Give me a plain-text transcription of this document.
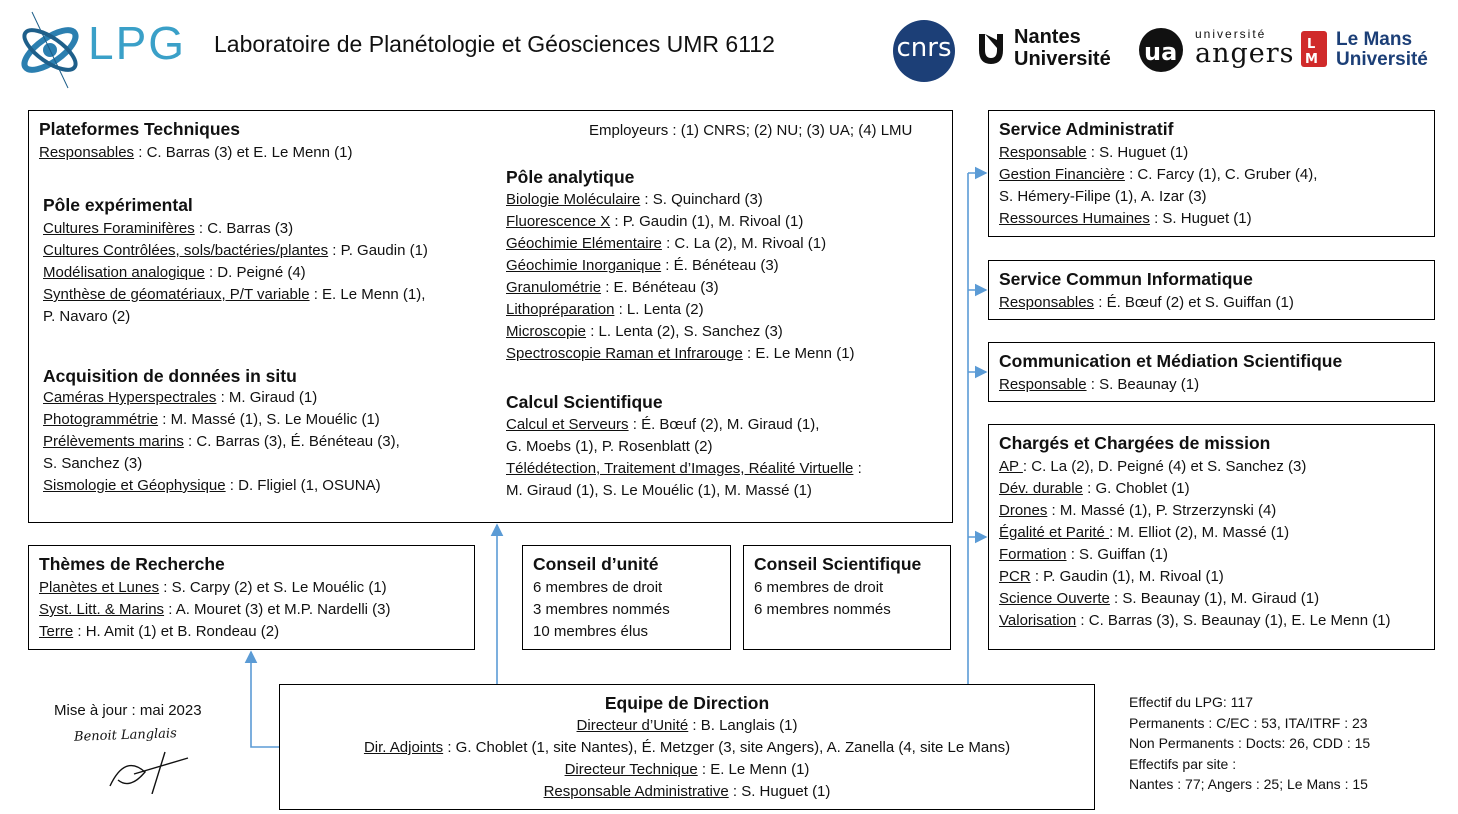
LPG Laboratoire de Planétologie et Géosciences UMR 6112	cnrs	Nantes
Université ua
université
angers L
M
Le Mans
Université
Plateformes Techniques	Employeurs : (1) CNRS; (2) NU; (3) UA; (4) LMU
Responsables : C. Barras (3) et E. Le Menn (1)
Pôle expérimental
Cultures Foraminifères : C. Barras (3)
Cultures Contrôlées, sols/bactéries/plantes : P. Gaudin (1)
Modélisation analogique : D. Peigné (4)
Synthèse de géomatériaux, P/T variable : E. Le Menn (1),
P. Navaro (2)
Acquisition de données in situ
Caméras Hyperspectrales : M. Giraud (1)
Photogrammétrie : M. Massé (1), S. Le Mouélic (1)
Prélèvements marins : C. Barras (3), É. Bénéteau (3),
S. Sanchez (3)
Sismologie et Géophysique : D. Fligiel (1, OSUNA)
Pôle analytique
Biologie Moléculaire : S. Quinchard (3)
Fluorescence X : P. Gaudin (1), M. Rivoal (1)
Géochimie Elémentaire : C. La (2), M. Rivoal (1)
Géochimie Inorganique : É. Bénéteau (3)
Granulométrie : E. Bénéteau (3)
Lithopréparation : L. Lenta (2)
Microscopie : L. Lenta (2), S. Sanchez (3)
Spectroscopie Raman et Infrarouge : E. Le Menn (1)
Calcul Scientifique
Calcul et Serveurs : É. Bœuf (2), M. Giraud (1),
G. Moebs (1), P. Rosenblatt (2)
Télédétection, Traitement d’Images, Réalité Virtuelle :
M. Giraud (1), S. Le Mouélic (1), M. Massé (1)
Thèmes de Recherche
Planètes et Lunes : S. Carpy (2) et S. Le Mouélic (1)
Syst. Litt. & Marins : A. Mouret (3) et M.P. Nardelli (3)
Terre : H. Amit (1) et B. Rondeau (2)
Conseil d’unité
6 membres de droit
3 membres nommés
10 membres élus
Conseil Scientifique
6 membres de droit
6 membres nommés
Service Administratif
Responsable : S. Huguet (1)
Gestion Financière : C. Farcy (1), C. Gruber (4),
S. Hémery-Filipe (1), A. Izar (3)
Ressources Humaines : S. Huguet (1)
Service Commun Informatique
Responsables : É. Bœuf (2) et S. Guiffan (1)
Communication et Médiation Scientifique
Responsable : S. Beaunay (1)
Chargés et Chargées de mission
AP : C. La (2), D. Peigné (4) et S. Sanchez (3)
Dév. durable : G. Choblet (1)
Drones : M. Massé (1), P. Strzerzynski (4)
Égalité et Parité : M. Elliot (2), M. Massé (1)
Formation : S. Guiffan (1)
PCR : P. Gaudin (1), M. Rivoal (1)
Science Ouverte : S. Beaunay (1), M. Giraud (1)
Valorisation : C. Barras (3), S. Beaunay (1), E. Le Menn (1)
Equipe de Direction
Directeur d’Unité : B. Langlais (1)
Dir. Adjoints : G. Choblet (1, site Nantes), É. Metzger (3, site Angers), A. Zanella (4, site Le Mans)
Directeur Technique : E. Le Menn (1)
Responsable Administrative : S. Huguet (1)
Mise à jour : mai 2023
Benoit Langlais
Effectif du LPG: 117
Permanents : C/EC : 53, ITA/ITRF : 23
Non Permanents : Docts: 26, CDD : 15
Effectifs par site :
Nantes : 77; Angers : 25; Le Mans : 15
